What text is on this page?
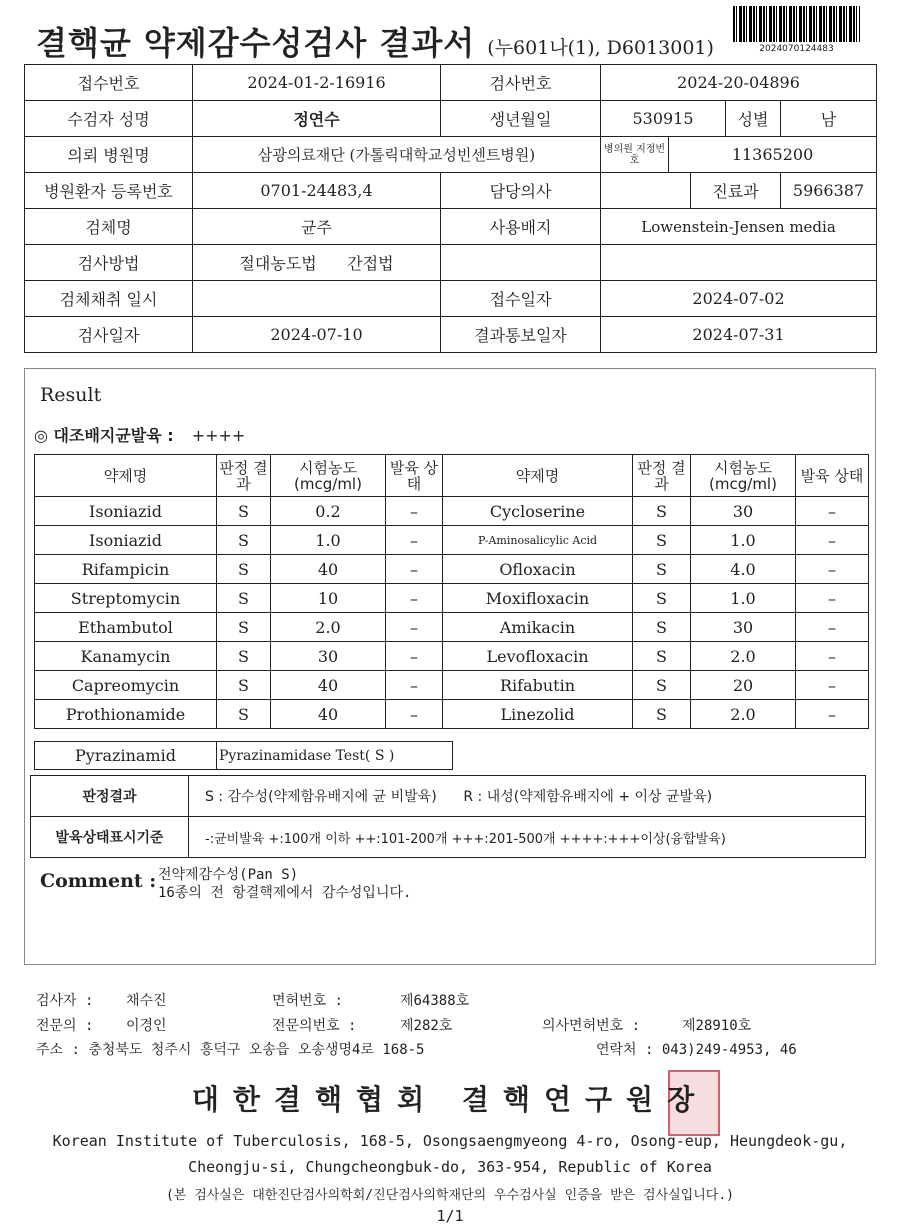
결핵균 약제감수성검사 결과서 (누601나(1), D6013001)	2024070124483
접수번호	2024-01-2-16916	검사번호	2024-20-04896				
수검자 성명	정연수	생년월일	530915			성별	남
의뢰 병원명	삼광의료재단 (가톨릭대학교성빈센트병원)		병의원 지정번호	11365200			
병원환자 등록번호	0701-24483,4	담당의사			진료과		5966387
검체명	균주	사용배지	Lowenstein-Jensen media				
검사방법	절대농도법 간접법						
검체채취 일시		접수일자	2024-07-02				
검사일자	2024-07-10	결과통보일자	2024-07-31				
Result
◎ 대조배지균발육 : ++++
약제명	판정 결과	시험농도 (mcg/ml)	발육 상태	약제명	판정 결과	시험농도 (mcg/ml)	발육 상태
Isoniazid	S	0.2	–	Cycloserine	S	30	–
Isoniazid	S	1.0	–	P-Aminosalicylic Acid	S	1.0	–
Rifampicin	S	40	–	Ofloxacin	S	4.0	–
Streptomycin	S	10	–	Moxifloxacin	S	1.0	–
Ethambutol	S	2.0	–	Amikacin	S	30	–
Kanamycin	S	30	–	Levofloxacin	S	2.0	–
Capreomycin	S	40	–	Rifabutin	S	20	–
Prothionamide	S	40	–	Linezolid	S	2.0	–
Pyrazinamid	Pyrazinamidase Test( S )
판정결과	S : 감수성(약제함유배지에 균 비발육) R : 내성(약제함유배지에 + 이상 균발육)
발육상태표시기준	-:균비발육 +:100개 이하 ++:101-200개 +++:201-500개 ++++:+++이상(융합발육)
Comment : 전약제감수성(Pan S)
16종의 전 항결핵제에서 감수성입니다.
검사자 : 채수진	면허번호 :	제64388호
전문의 : 이경인	전문의번호 :	제282호	의사면허번호 :	제28910호
주소 : 충청북도 청주시 흥덕구 오송읍 오송생명4로 168-5	연락처 : 043)249-4953, 46
대한결핵협회 결핵연구원장
Korean Institute of Tuberculosis, 168-5, Osongsaengmyeong 4-ro, Osong-eup, Heungdeok-gu,
Cheongju-si, Chungcheongbuk-do, 363-954, Republic of Korea
(본 검사실은 대한진단검사의학회/진단검사의학재단의 우수검사실 인증을 받은 검사실입니다.)
1/1
